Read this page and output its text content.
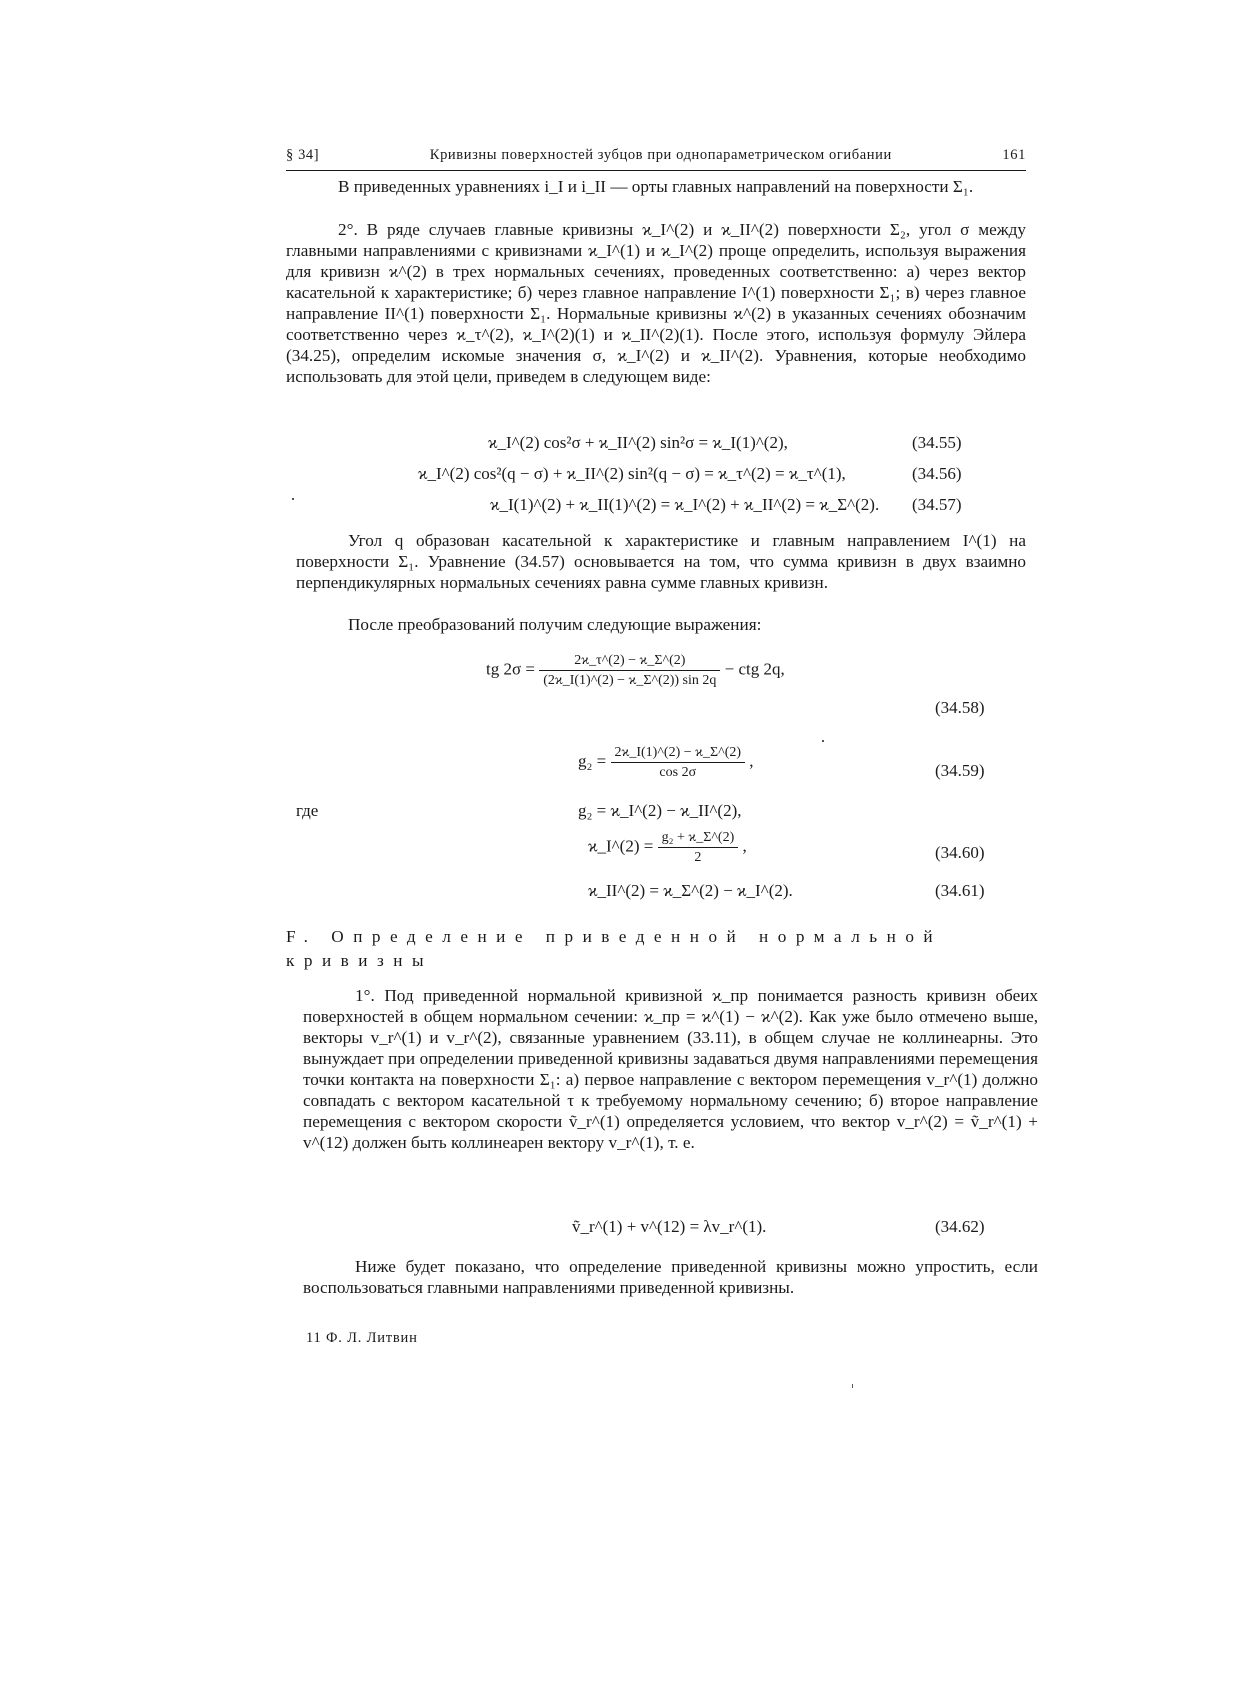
§ 34]	Кривизны поверхностей зубцов при однопараметрическом огибании	161
В приведенных уравнениях i_I и i_II — орты главных направлений на поверхности Σ₁.
2°. В ряде случаев главные кривизны ϰ_I^(2) и ϰ_II^(2) поверхности Σ₂, угол σ между главными направлениями с кривизнами ϰ_I^(1) и ϰ_I^(2) проще определить, используя выражения для кривизн ϰ^(2) в трех нормальных сечениях, проведенных соответственно: а) через вектор касательной к характеристике; б) через главное направление I^(1) поверхности Σ₁; в) через главное направление II^(1) поверхности Σ₁. Нормальные кривизны ϰ^(2) в указанных сечениях обозначим соответственно через ϰ_τ^(2), ϰ_I^(2)(1) и ϰ_II^(2)(1). После этого, используя формулу Эйлера (34.25), определим искомые значения σ, ϰ_I^(2) и ϰ_II^(2). Уравнения, которые необходимо использовать для этой цели, приведем в следующем виде:
ϰ_I^(2) cos²σ + ϰ_II^(2) sin²σ = ϰ_I(1)^(2),	(34.55)
ϰ_I^(2) cos²(q − σ) + ϰ_II^(2) sin²(q − σ) = ϰ_τ^(2) = ϰ_τ^(1),	(34.56)
ϰ_I(1)^(2) + ϰ_II(1)^(2) = ϰ_I^(2) + ϰ_II^(2) = ϰ_Σ^(2). (34.57)
Угол q образован касательной к характеристике и главным направлением I^(1) на поверхности Σ₁. Уравнение (34.57) основывается на том, что сумма кривизн в двух взаимно перпендикулярных нормальных сечениях равна сумме главных кривизн.
После преобразований получим следующие выражения:
tg $2\sigma = \frac{2ϰ\_\tau\^{}(2) - ϰ\_\Sigma\^{}(2)}{(2ϰ\_I(1)\^{}(2) - ϰ\_\Sigma\^{}(2)) \sin 2q}$ − ctg 2q,
(34.58)
$g_2 = \frac{2ϰ\_I(1)\^{}(2) - ϰ\_\Sigma\^{}(2)}{\cos 2\sigma}$ ,
(34.59)
где	g₂ = ϰ_I^(2) − ϰ_II^(2),
ϰ_I^(2) = $\frac{\text{g₂ + ϰ\_Σ\textasciicircum{}(2)}}{2}$ ,	(34.60)
ϰ_II^(2) = ϰ_Σ^(2) − ϰ_I^(2).	(34.61)
F. Определение приведенной нормальной кривизны
1°. Под приведенной нормальной кривизной ϰ_пр понимается разность кривизн обеих поверхностей в общем нормальном сечении: ϰ_пр = ϰ^(1) − ϰ^(2). Как уже было отмечено выше, векторы v_r^(1) и v_r^(2), связанные уравнением (33.11), в общем случае не коллинеарны. Это вынуждает при определении приведенной кривизны задаваться двумя направлениями перемещения точки контакта на поверхности Σ₁: а) первое направление с вектором перемещения v_r^(1) должно совпадать с вектором касательной τ к требуемому нормальному сечению; б) второе направление перемещения с вектором скорости ṽ_r^(1) определяется условием, что вектор v_r^(2) = ṽ_r^(1) + v^(12) должен быть коллинеарен вектору v_r^(1), т. е.
ṽ_r^(1) + v^(12) = λv_r^(1).	(34.62)
Ниже будет показано, что определение приведенной кривизны можно упростить, если воспользоваться главными направлениями приведенной кривизны.
11 Ф. Л. Литвин
